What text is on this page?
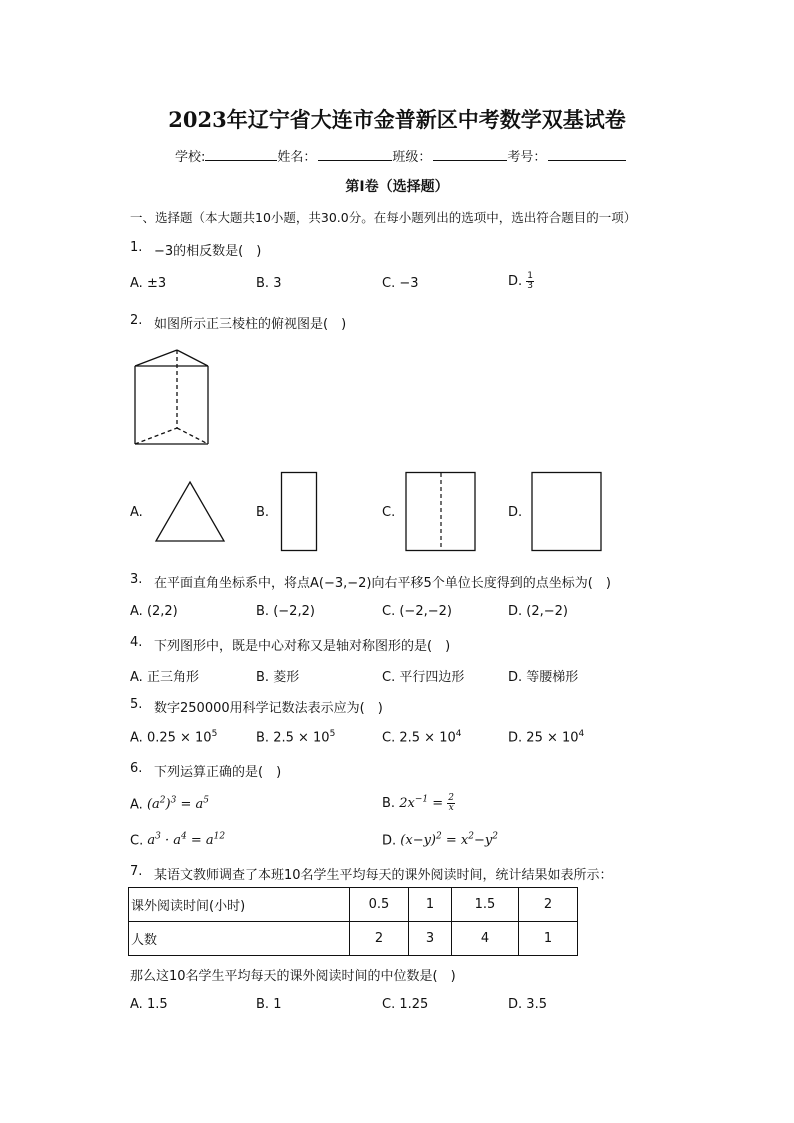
2023年辽宁省大连市金普新区中考数学双基试卷
学校:	姓名：	班级：	考号：
第Ⅰ卷（选择题）
一、选择题（本大题共10小题，共30.0分。在每小题列出的选项中，选出符合题目的一项）
1. −3的相反数是( )
A. ±3	B. 3	C. −3	D. $\frac{1}{3}$
2. 如图所示正三棱柱的俯视图是( )
A.	B.	C.	D.
3. 在平面直角坐标系中，将点A(−3,−2)向右平移5个单位长度得到的点坐标为( )
A. (2,2)	B. (−2,2)	C. (−2,−2)	D. (2,−2)
4. 下列图形中，既是中心对称又是轴对称图形的是( )
A. 正三角形	B. 菱形	C. 平行四边形	D. 等腰梯形
5. 数字250000用科学记数法表示应为( )
A. $0.25 \times 10^5$	B. $2.5 \times 10^5$	C. $2.5 \times 10^4$	D. $25 \times 10^4$
6. 下列运算正确的是( )
A. $(a^2)^3 = a^5$	B. $2x^{-1} = \frac{2}{x}$
C. $a^3 \cdot a^4 = a^{12}$	D. $(x-y)^2 = x^2-y^2$
7. 某语文教师调查了本班10名学生平均每天的课外阅读时间，统计结果如表所示：
课外阅读时间(小时)	0.5	1	1.5	2
人数	2	3	4	1
那么这10名学生平均每天的课外阅读时间的中位数是( )
A. 1.5	B. 1	C. 1.25	D. 3.5
